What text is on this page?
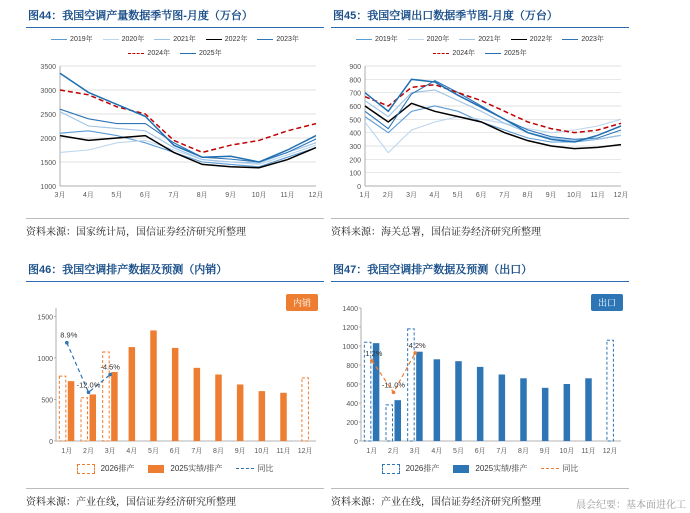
图44：我国空调产量数据季节图-月度（万台）
2019年	2020年	2021年	2022年	2023年
2024年	2025年
1000
1500
2000
2500
3000
3500
3月	4月	5月	6月	7月	8月	9月 10月 11月 12月
资料来源：国家统计局，国信证券经济研究所整理
图45：我国空调出口数据季节图-月度（万台）
2019年	2020年	2021年	2022年	2023年
2024年	2025年
0
100
200
300
400
500
600
700
800
900
1月 2月 3月 4月 5月 6月 7月 8月 9月 10月 11月 12月
资料来源：海关总署，国信证券经济研究所整理
图46：我国空调排产数据及预测（内销）
内销
0
500
1000
1500
1月 2月 3月 4月 5月 6月 7月 8月 9月 10月 11月 12月
8.9%
-12.0%
-4.5%
2026排产	2025实绩/排产	同比
资料来源：产业在线，国信证券经济研究所整理
图47：我国空调排产数据及预测（出口）
出口
0
200
400
600
800
1000
1200
1400
1月 2月 3月 4月 5月 6月 7月 8月 9月 10月 11月 12月
1.2%
-11.0%
4.2%
2026排产	2025实绩/排产	同比
资料来源：产业在线，国信证券经济研究所整理	晨会纪要：基本面进化工
